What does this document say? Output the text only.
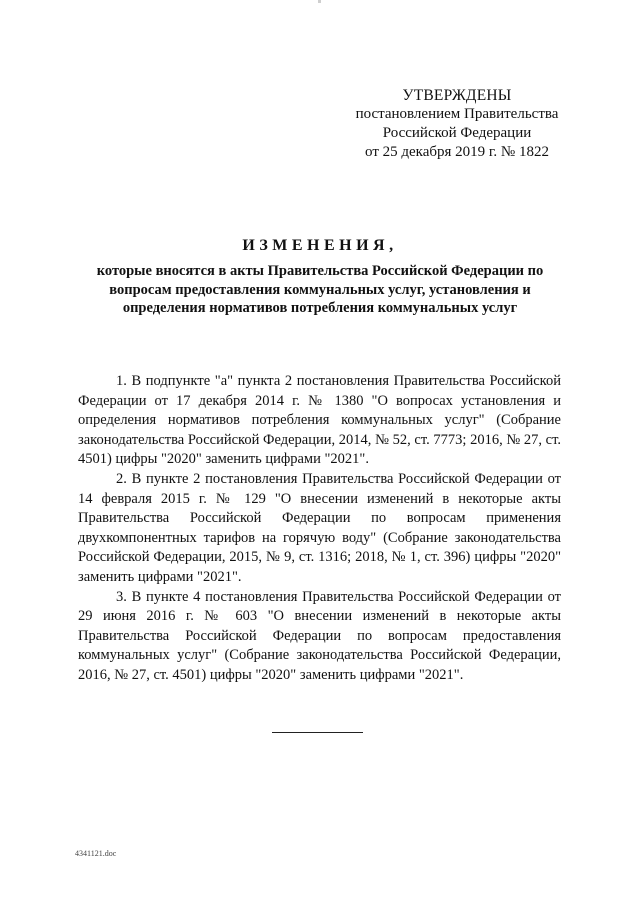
УТВЕРЖДЕНЫ
постановлением Правительства
Российской Федерации
от 25 декабря 2019 г. № 1822
ИЗМЕНЕНИЯ,
которые вносятся в акты Правительства Российской Федерации по вопросам предоставления коммунальных услуг, установления и определения нормативов потребления коммунальных услуг

1. В подпункте "а" пункта 2 постановления Правительства Российской Федерации от 17 декабря 2014 г. № 1380 "О вопросах установления и определения нормативов потребления коммунальных услуг" (Собрание законодательства Российской Федерации, 2014, № 52, ст. 7773; 2016, № 27, ст. 4501) цифры "2020" заменить цифрами "2021".

2. В пункте 2 постановления Правительства Российской Федерации от 14 февраля 2015 г. № 129 "О внесении изменений в некоторые акты Правительства Российской Федерации по вопросам применения двухкомпонентных тарифов на горячую воду" (Собрание законодательства Российской Федерации, 2015, № 9, ст. 1316; 2018, № 1, ст. 396) цифры "2020" заменить цифрами "2021".

3. В пункте 4 постановления Правительства Российской Федерации от 29 июня 2016 г. № 603 "О внесении изменений в некоторые акты Правительства Российской Федерации по вопросам предоставления коммунальных услуг" (Собрание законодательства Российской Федерации, 2016, № 27, ст. 4501) цифры "2020" заменить цифрами "2021".

4341121.doc
